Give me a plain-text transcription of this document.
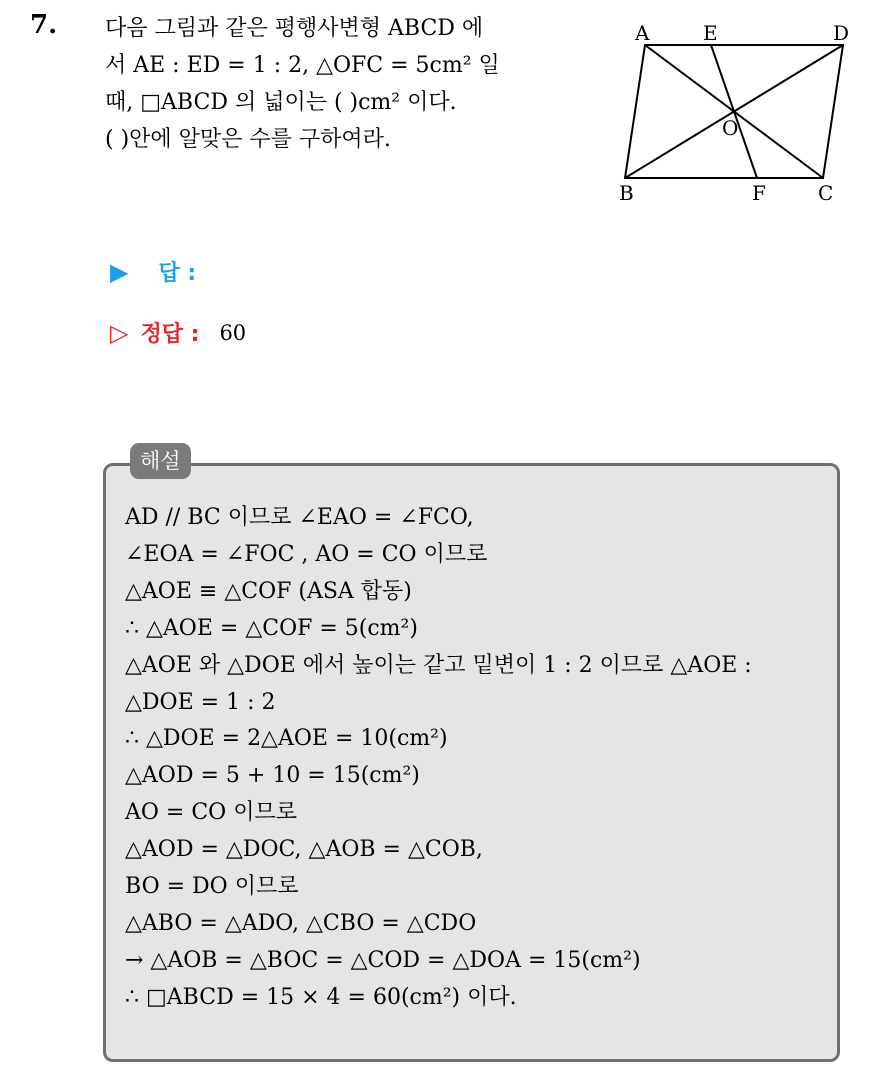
7. 다음 그림과 같은 평행사변형 ABCD 에
서 AE : ED = 1 : 2, △OFC = 5cm² 일
때, □ABCD 의 넓이는 ( )cm² 이다.
( )안에 알맞은 수를 구하여라.
A	E	D
O
B	F	C
▶ 답 :
▷ 정답 : 60
해설
AD // BC 이므로 ∠EAO = ∠FCO,
∠EOA = ∠FOC , AO = CO 이므로
△AOE ≡ △COF (ASA 합동)
∴ △AOE = △COF = 5(cm²)
△AOE 와 △DOE 에서 높이는 같고 밑변이 1 : 2 이므로 △AOE :
△DOE = 1 : 2
∴ △DOE = 2△AOE = 10(cm²)
△AOD = 5 + 10 = 15(cm²)
AO = CO 이므로
△AOD = △DOC, △AOB = △COB,
BO = DO 이므로
△ABO = △ADO, △CBO = △CDO
→ △AOB = △BOC = △COD = △DOA = 15(cm²)
∴ □ABCD = 15 × 4 = 60(cm²) 이다.
